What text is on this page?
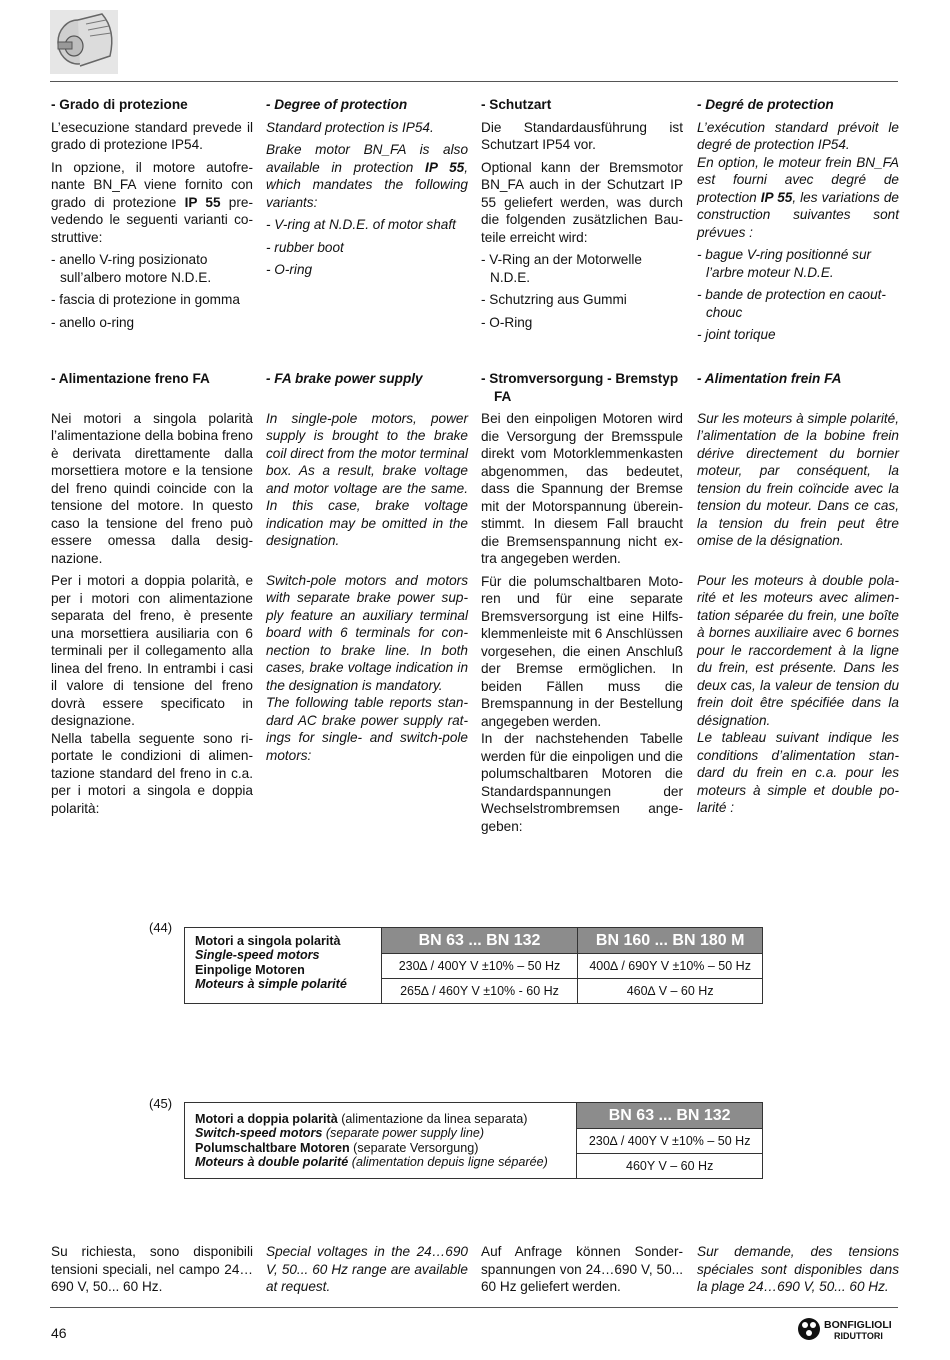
- Grado di protezione

L’esecuzione standard prevede il grado di protezione IP54.

In opzione, il motore autofrenante BN_FA viene fornito con grado di protezione IP 55 prevedendo le seguenti varianti costruttive:

- anello V-ring posizionato sull’albero motore N.D.E.
- fascia di protezione in gomma
- anello o-ring
- Degree of protection

Standard protection is IP54.

Brake motor BN_FA is also available in protection IP 55, which mandates the following variants:

- V-ring at N.D.E. of motor shaft
- rubber boot
- O-ring
- Schutzart

Die Standardausführung ist Schutzart IP54 vor.

Optional kann der Bremsmotor BN_FA auch in der Schutzart IP 55 geliefert werden, was durch die folgenden zusätzlichen Bauteile erreicht wird:

- V-Ring an der Motorwelle N.D.E.
- Schutzring aus Gummi
- O-Ring
- Degré de protection

L’exécution standard prévoit le degré de protection IP54.

En option, le moteur frein BN_FA est fourni avec degré de protection IP 55, les variations de construction suivantes sont prévues :

- bague V-ring positionné sur l’arbre moteur N.D.E.
- bande de protection en caoutchouc
- joint torique
- Alimentazione freno FA

Nei motori a singola polarità l’alimentazione della bobina freno è derivata direttamente dalla morsettiera motore e la tensione del freno quindi coincide con la tensione del motore. In questo caso la tensione del freno può essere omessa dalla designazione.

Per i motori a doppia polarità, e per i motori con alimentazione separata del freno, è presente una morsettiera ausiliaria con 6 terminali per il collegamento alla linea del freno. In entrambi i casi il valore di tensione del freno dovrà essere specificato in designazione.

Nella tabella seguente sono riportate le condizioni di alimentazione standard del freno in c.a. per i motori a singola e doppia polarità:

- FA brake power supply

In single-pole motors, power supply is brought to the brake coil direct from the motor terminal box. As a result, brake voltage and motor voltage are the same. In this case, brake voltage indication may be omitted in the designation.

Switch-pole motors and motors with separate brake power supply feature an auxiliary terminal board with 6 terminals for connection to brake line. In both cases, brake voltage indication in the designation is mandatory.

The following table reports standard AC brake power supply ratings for single- and switch-pole motors:

- Stromversorgung - Bremstyp FA

Bei den einpoligen Motoren wird die Versorgung der Bremsspule direkt vom Motorklemmenkasten abgenommen, das bedeutet, dass die Spannung der Bremse mit der Motorspannung übereinstimmt. In diesem Fall braucht die Bremsenspannung nicht extra angegeben werden.

Für die polumschaltbaren Motoren und für eine separate Bremsversorgung ist eine Hilfsklemmenleiste mit 6 Anschlüssen vorgesehen, die einen Anschluß der Bremse ermöglichen. In beiden Fällen muss die Bremspannung in der Bestellung angegeben werden.

In der nachstehenden Tabelle werden für die einpoligen und die polumschaltbaren Motoren die Standardspannungen der Wechselstrombremsen angegeben:

- Alimentation frein FA

Sur les moteurs à simple polarité, l’alimentation de la bobine frein dérive directement du bornier moteur, par conséquent, la tension du frein coïncide avec la tension du moteur. Dans ce cas, la tension du frein peut être omise de la désignation.

Pour les moteurs à double polarité et les moteurs avec alimentation séparée du frein, une boîte à bornes auxiliaire avec 6 bornes pour le raccordement à la ligne du frein, est présente. Dans les deux cas, la valeur de tension du frein doit être spécifiée dans la désignation.

Le tableau suivant indique les conditions d’alimentation standard du frein en c.a. pour les moteurs à simple et double polarité :

(44)
Motori a singola polarità
Single-speed motors
Einpolige Motoren
Moteurs à simple polarité	BN 63 ... BN 132	BN 160 ... BN 180 M
	230∆ / 400Y V ±10% – 50 Hz	400∆ / 690Y V ±10% – 50 Hz
	265∆ / 460Y V ±10% - 60 Hz	460∆ V – 60 Hz
(45)
Motori a doppia polarità (alimentazione da linea separata)
Switch-speed motors (separate power supply line)
Polumschaltbare Motoren (separate Versorgung)
Moteurs à double polarité (alimentation depuis ligne séparée)
	BN 63 ... BN 132
230∆ / 400Y V ±10% – 50 Hz
460Y V – 60 Hz

Su richiesta, sono disponibili tensioni speciali, nel campo 24…690 V, 50... 60 Hz.

Special voltages in the 24…690 V, 50... 60 Hz range are available at request.

Auf Anfrage können Sonderspannungen von 24…690 V, 50... 60 Hz geliefert werden.

Sur demande, des tensions spéciales sont disponibles dans la plage 24…690 V, 50... 60 Hz.

46	BONFIGLIOLI
RIDUTTORI
